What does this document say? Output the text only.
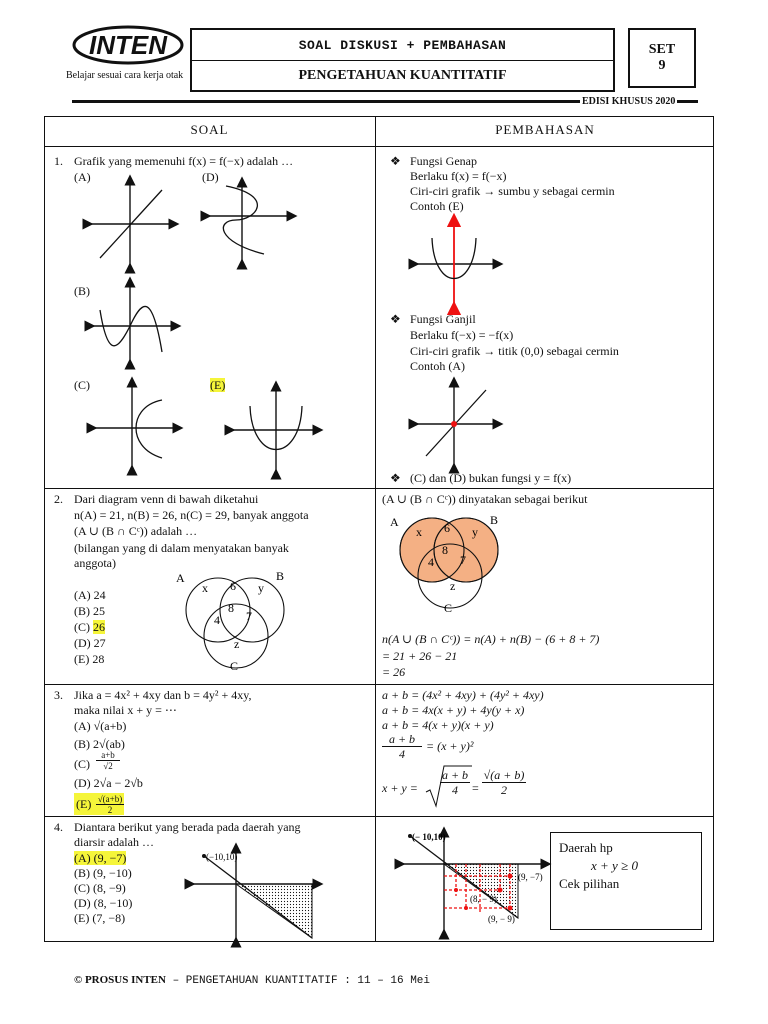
INTEN
Belajar sesuai cara kerja otak
SOAL DISKUSI + PEMBAHASAN
PENGETAHUAN KUANTITATIF
SET
9
EDISI KHUSUS 2020
SOAL	PEMBAHASAN
1. Grafik yang memenuhi f(x) = f(−x) adalah …
(A)	(D)
(B)
(C)	(E)
❖ Fungsi Genap
Berlaku f(x) = f(−x)
Ciri-ciri grafik → sumbu y sebagai cermin
Contoh (E)
❖ Fungsi Ganjil
Berlaku f(−x) = −f(x)
Ciri-ciri grafik → titik (0,0) sebagai cermin
Contoh (A)
❖ (C) dan (D) bukan fungsi y = f(x)
2. Dari diagram venn di bawah diketahui
n(A) = 21, n(B) = 26, n(C) = 29, banyak anggota
(A ∪ (B ∩ Cᶜ)) adalah …
(bilangan yang di dalam menyatakan banyak
anggota)
(A) 24
(B) 25
(C) 26
(D) 27
(E) 28
A	B
C
x 6 y
8
4 7
z
(A ∪ (B ∩ Cᶜ)) dinyatakan sebagai berikut
A	B
C
x 6 y
8
4 7
z
n(A ∪ (B ∩ Cᶜ)) = n(A) + n(B) − (6 + 8 + 7)
= 21 + 26 − 21
= 26
3. Jika a = 4x² + 4xy dan b = 4y² + 4xy,
maka nilai x + y = ⋯
(A) √(a+b)
(B) 2√(ab)
(C)
a+b
√2
(D) 2√a − 2√b
(E) √(a+b)
2
a + b = (4x² + 4xy) + (4y² + 4xy)
a + b = 4x(x + y) + 4y(y + x)
a + b = 4(x + y)(x + y)
a + b
4
= (x + y)²
x + y =
a + b
4	=
√(a + b)
2
4. Diantara berikut yang berada pada daerah yang
diarsir adalah …
(A) (9, −7)
(B) (9, −10)
(C) (8, −9)
(D) (8, −10)
(E) (7, −8)
(−10,10)
(− 10,10)
(9, −7)
(8, − 9)
(9, − 9)
Daerah hp
x + y ≥ 0
Cek pilihan
© PROSUS INTEN – PENGETAHUAN KUANTITATIF : 11 – 16 Mei
